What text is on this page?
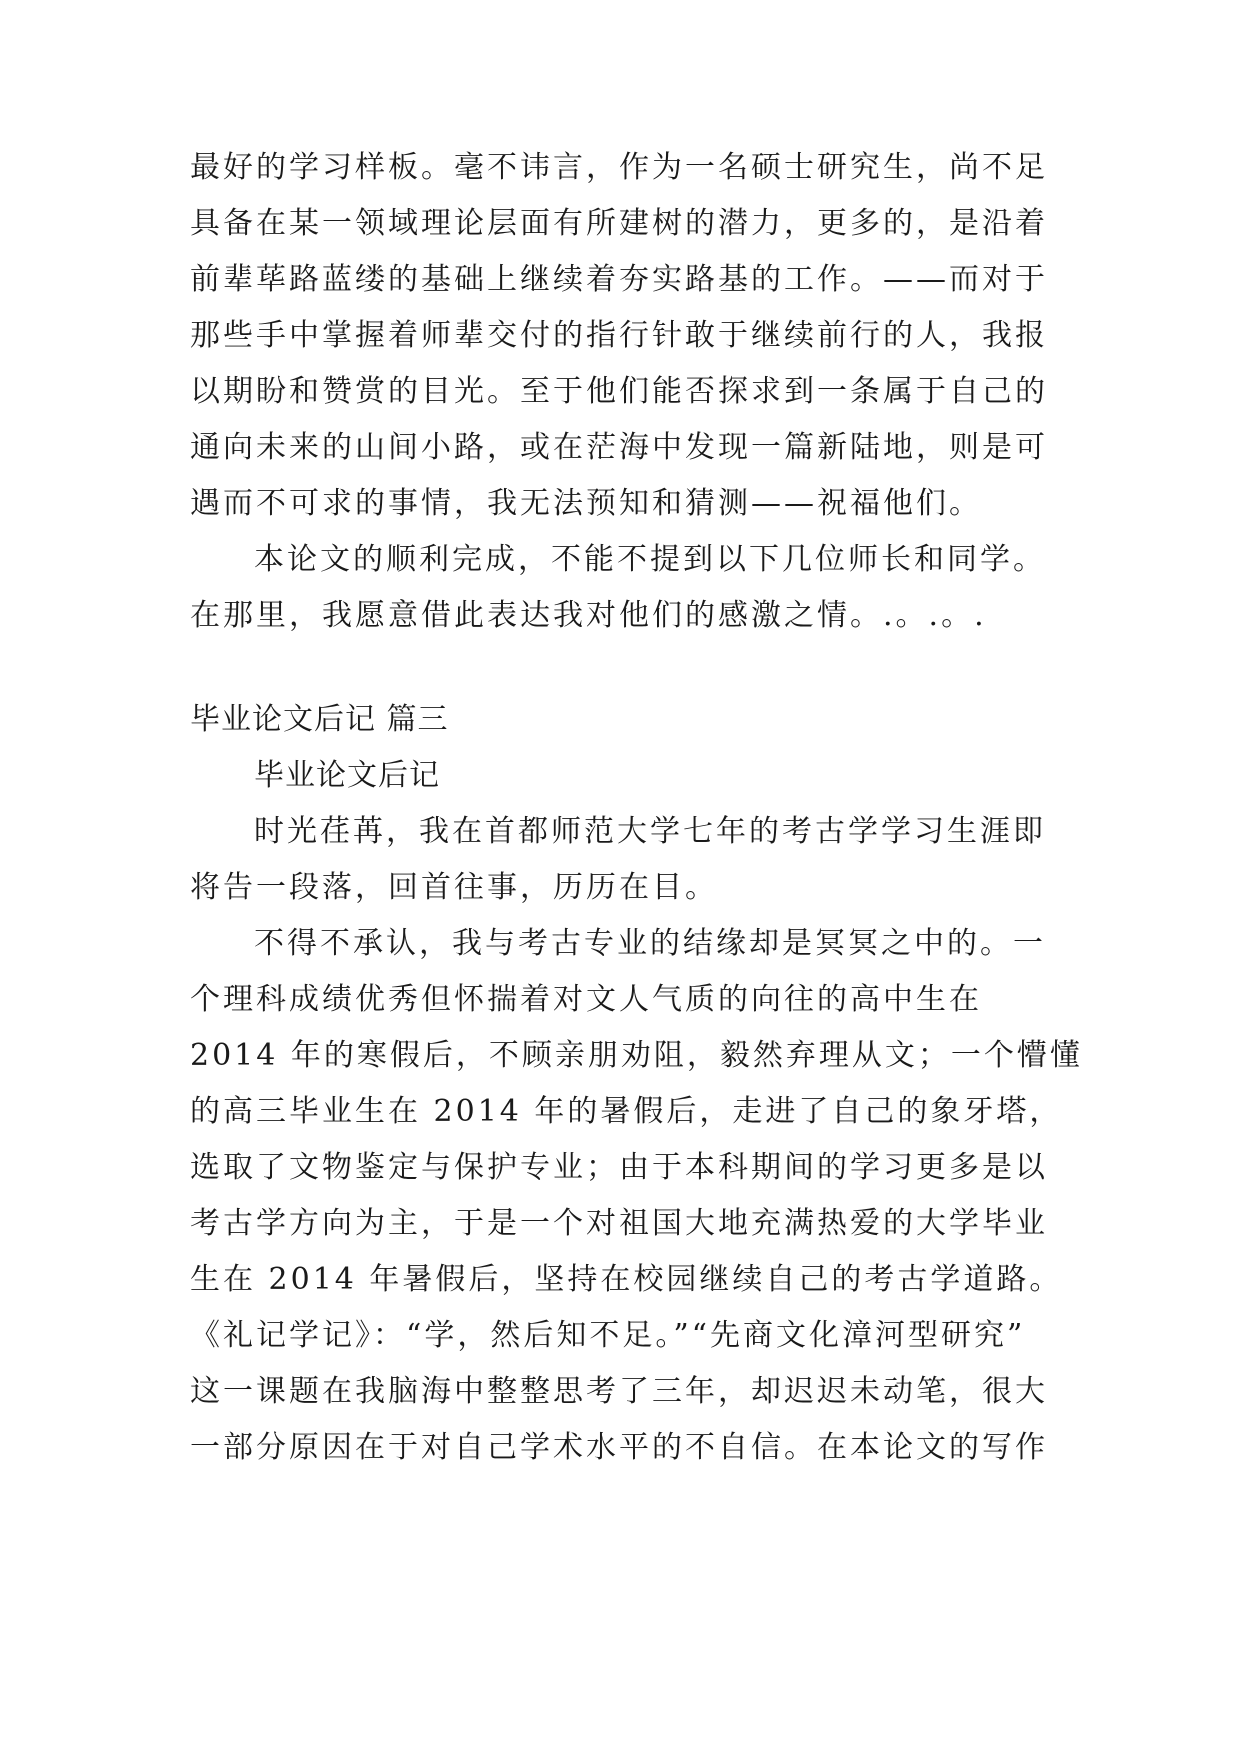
最好的学习样板。毫不讳言，作为一名硕士研究生，尚不足
具备在某一领域理论层面有所建树的潜力，更多的，是沿着
前辈荜路蓝缕的基础上继续着夯实路基的工作。——而对于
那些手中掌握着师辈交付的指行针敢于继续前行的人，我报
以期盼和赞赏的目光。至于他们能否探求到一条属于自己的
通向未来的山间小路，或在茫海中发现一篇新陆地，则是可
遇而不可求的事情，我无法预知和猜测——祝福他们。
本论文的顺利完成，不能不提到以下几位师长和同学。
在那里，我愿意借此表达我对他们的感激之情。.。.。.
毕业论文后记 篇三
毕业论文后记
时光荏苒，我在首都师范大学七年的考古学学习生涯即
将告一段落，回首往事，历历在目。
不得不承认，我与考古专业的结缘却是冥冥之中的。一
个理科成绩优秀但怀揣着对文人气质的向往的高中生在
2014 年的寒假后，不顾亲朋劝阻，毅然弃理从文；一个懵懂
的高三毕业生在 2014 年的暑假后，走进了自己的象牙塔，
选取了文物鉴定与保护专业；由于本科期间的学习更多是以
考古学方向为主，于是一个对祖国大地充满热爱的大学毕业
生在 2014 年暑假后，坚持在校园继续自己的考古学道路。
《礼记学记》：“学，然后知不足。”“先商文化漳河型研究”
这一课题在我脑海中整整思考了三年，却迟迟未动笔，很大
一部分原因在于对自己学术水平的不自信。在本论文的写作
